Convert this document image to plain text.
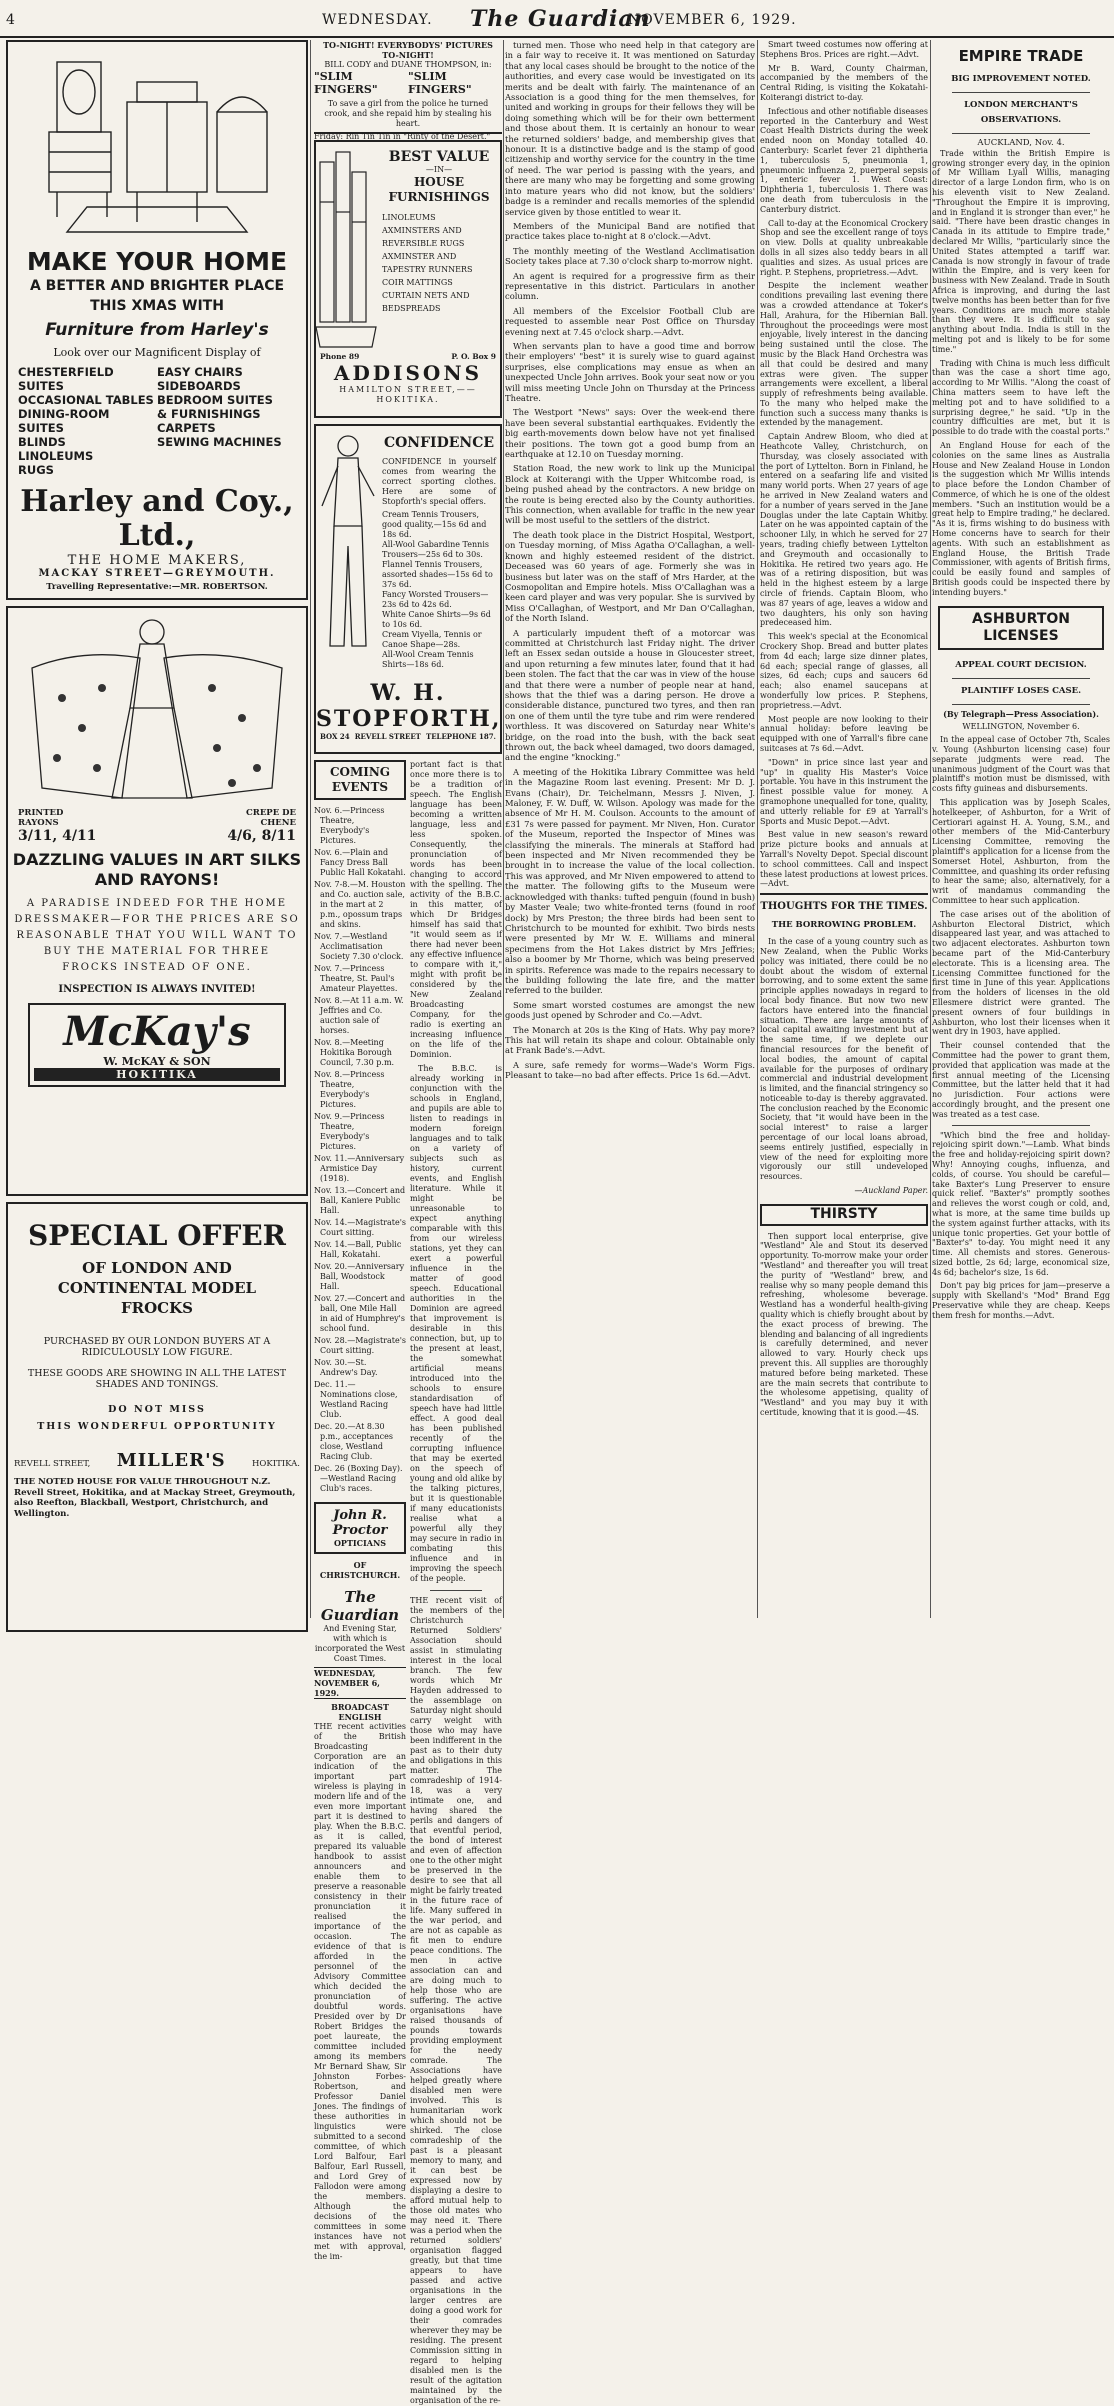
4	WEDNESDAY. The Guardian
NOVEMBER 6, 1929.
MAKE YOUR HOME
A BETTER AND BRIGHTER PLACE
THIS XMAS WITH
Furniture from Harley's
Look over our Magnificent Display of
CHESTERFIELD SUITES
OCCASIONAL TABLES
DINING-ROOM SUITES
BLINDS
LINOLEUMS
RUGS
EASY CHAIRS
SIDEBOARDS
BEDROOM SUITES
& FURNISHINGS
CARPETS
SEWING MACHINES
Harley and Coy., Ltd.,
THE HOME MAKERS,
MACKAY STREET—GREYMOUTH.
Travelling Representative:—MR. ROBERTSON.
PRINTED RAYONS
CREPE DE CHENE
3/11, 4/11	4/6, 8/11
DAZZLING VALUES IN ART SILKS AND RAYONS!
A PARADISE INDEED FOR THE HOME DRESSMAKER—FOR THE PRICES ARE SO REASONABLE THAT YOU WILL WANT TO BUY THE MATERIAL FOR THREE FROCKS INSTEAD OF ONE.
INSPECTION IS ALWAYS INVITED!
McKay's
W. McKAY & SON
HOKITIKA
SPECIAL OFFER
OF LONDON AND CONTINENTAL MODEL FROCKS
PURCHASED BY OUR LONDON BUYERS AT A RIDICULOUSLY LOW FIGURE.
THESE GOODS ARE SHOWING IN ALL THE LATEST SHADES AND TONINGS.
DO NOT MISS
THIS WONDERFUL OPPORTUNITY
REVELL STREET, MILLER'S	HOKITIKA.
THE NOTED HOUSE FOR VALUE THROUGHOUT N.Z. Revell Street, Hokitika, and at Mackay Street, Greymouth, also Reefton, Blackball, Westport, Christchurch, and Wellington.
TO-NIGHT! EVERYBODYS' PICTURES TO-NIGHT!
BILL CODY and DUANE THOMPSON, in:
"SLIM FINGERS"
"SLIM FINGERS"
To save a girl from the police he turned crook, and she repaid him by stealing his heart.
Friday: Rin Tin Tin in "Rinty of the Desert."
BEST VALUE
—IN—
HOUSE FURNISHINGS
LINOLEUMS
AXMINSTERS AND REVERSIBLE RUGS
AXMINSTER AND TAPESTRY RUNNERS
COIR MATTINGS
CURTAIN NETS AND BEDSPREADS
Phone 89	P. O. Box 9
ADDISONS
HAMILTON STREET,——HOKITIKA.
CONFIDENCE
CONFIDENCE in yourself comes from wearing the correct sporting clothes. Here are some of Stopforth's special offers.
Cream Tennis Trousers, good quality,—15s 6d and 18s 6d.
All-Wool Gabardine Tennis Trousers—25s 6d to 30s.
Flannel Tennis Trousers, assorted shades—15s 6d to 37s 6d.
Fancy Worsted Trousers—23s 6d to 42s 6d.
White Canoe Shirts—9s 6d to 10s 6d.
Cream Viyella, Tennis or Canoe Shape—28s.
All-Wool Cream Tennis Shirts—18s 6d.
W. H. STOPFORTH,
BOX 24 REVELL STREET TELEPHONE 187.
COMING EVENTS

Nov. 6.—Princess Theatre, Everybody's Pictures.

Nov. 6.—Plain and Fancy Dress Ball Public Hall Kokatahi.

Nov. 7-8.—M. Houston and Co. auction sale, in the mart at 2 p.m., opossum traps and skins.

Nov. 7.—Westland Acclimatisation Society 7.30 o'clock.

Nov. 7.—Princess Theatre, St. Paul's Amateur Playettes.

Nov. 8.—At 11 a.m. W. Jeffries and Co. auction sale of horses.

Nov. 8.—Meeting Hokitika Borough Council, 7.30 p.m.

Nov. 8.—Princess Theatre, Everybody's Pictures.

Nov. 9.—Princess Theatre, Everybody's Pictures.

Nov. 11.—Anniversary Armistice Day (1918).

Nov. 13.—Concert and Ball, Kaniere Public Hall.

Nov. 14.—Magistrate's Court sitting.

Nov. 14.—Ball, Public Hall, Kokatahi.

Nov. 20.—Anniversary Ball, Woodstock Hall.

Nov. 27.—Concert and ball, One Mile Hall in aid of Humphrey's school fund.

Nov. 28.—Magistrate's Court sitting.

Nov. 30.—St. Andrew's Day.

Dec. 11.—Nominations close, Westland Racing Club.

Dec. 20.—At 8.30 p.m., acceptances close, Westland Racing Club.

Dec. 26 (Boxing Day).—Westland Racing Club's races.

John R. Proctor
OPTICIANS
OF CHRISTCHURCH.
The Guardian
And Evening Star, with which is incorporated the West Coast Times.
WEDNESDAY, NOVEMBER 6, 1929.
BROADCAST ENGLISH
THE recent activities of the British Broadcasting Corporation are an indication of the important part wireless is playing in modern life and of the even more important part it is destined to play. When the B.B.C. as it is called, prepared its valuable handbook to assist announcers and enable them to preserve a reasonable consistency in their pronunciation it realised the importance of the occasion. The evidence of that is afforded in the personnel of the Advisory Committee which decided the pronunciation of doubtful words. Presided over by Dr Robert Bridges the poet laureate, the committee included among its members Mr Bernard Shaw, Sir Johnston Forbes-Robertson, and Professor Daniel Jones. The findings of these authorities in linguistics were submitted to a second committee, of which Lord Balfour, Earl Balfour, Earl Russell, and Lord Grey of Fallodon were among the members. Although the decisions of the committees in some instances have not met with approval, the im-
portant fact is that once more there is to be a tradition of speech. The English language has been becoming a written language, less and less spoken. Consequently, the pronunciation of words has been changing to accord with the spelling. The activity of the B.B.C. in this matter, of which Dr Bridges himself has said that "it would seem as if there had never been any effective influence to compare with it," might with profit be considered by the New Zealand Broadcasting Company, for the radio is exerting an increasing influence on the life of the Dominion.
The B.B.C. is already working in conjunction with the schools in England, and pupils are able to listen to readings in modern foreign languages and to talk on a variety of subjects such as history, current events, and English literature. While it might be unreasonable to expect anything comparable with this from our wireless stations, yet they can exert a powerful influence in the matter of good speech. Educational authorities in the Dominion are agreed that improvement is desirable in this connection, but, up to the present at least, the somewhat artificial means introduced into the schools to ensure standardisation of speech have had little effect. A good deal has been published recently of the corrupting influence that may be exerted on the speech of young and old alike by the talking pictures, but it is questionable if many educationists realise what a powerful ally they may secure in radio in combating this influence and in improving the speech of the people.
THE recent visit of the members of the Christchurch Returned Soldiers' Association should assist in stimulating interest in the local branch. The few words which Mr Hayden addressed to the assemblage on Saturday night should carry weight with those who may have been indifferent in the past as to their duty and obligations in this matter. The comradeship of 1914-18, was a very intimate one, and having shared the perils and dangers of that eventful period, the bond of interest and even of affection one to the other might be preserved in the desire to see that all might be fairly treated in the future race of life. Many suffered in the war period, and are not as capable as fit men to endure peace conditions. The men in active association can and are doing much to help those who are suffering. The active organisations have raised thousands of pounds towards providing employment for the needy comrade. The Associations have helped greatly where disabled men were involved. This is humanitarian work which should not be shirked. The close comradeship of the past is a pleasant memory to many, and it can best be expressed now by displaying a desire to afford mutual help to those old mates who may need it. There was a period when the returned soldiers' organisation flagged greatly, but that time appears to have passed and active organisations in the larger centres are doing a good work for their comrades wherever they may be residing. The present Commission sitting in regard to helping disabled men is the result of the agitation maintained by the organisation of the re-

turned men. Those who need help in that category are in a fair way to receive it. It was mentioned on Saturday that any local cases should be brought to the notice of the authorities, and every case would be investigated on its merits and be dealt with fairly. The maintenance of an Association is a good thing for the men themselves, for united and working in groups for their fellows they will be doing something which will be for their own betterment and those about them. It is certainly an honour to wear the returned soldiers' badge, and membership gives that honour. It is a distinctive badge and is the stamp of good citizenship and worthy service for the country in the time of need. The war period is passing with the years, and there are many who may be forgetting and some growing into mature years who did not know, but the soldiers' badge is a reminder and recalls memories of the splendid service given by those entitled to wear it.

Members of the Municipal Band are notified that practice takes place to-night at 8 o'clock.—Advt.

The monthly meeting of the Westland Acclimatisation Society takes place at 7.30 o'clock sharp to-morrow night.

An agent is required for a progressive firm as their representative in this district. Particulars in another column.

All members of the Excelsior Football Club are requested to assemble near Post Office on Thursday evening next at 7.45 o'clock sharp.—Advt.

When servants plan to have a good time and borrow their employers' "best" it is surely wise to guard against surprises, else complications may ensue as when an unexpected Uncle John arrives. Book your seat now or you will miss meeting Uncle John on Thursday at the Princess Theatre.

The Westport "News" says: Over the week-end there have been several substantial earthquakes. Evidently the big earth-movements down below have not yet finalised their positions. The town got a good bump from an earthquake at 12.10 on Tuesday morning.

Station Road, the new work to link up the Municipal Block at Koiterangi with the Upper Whitcombe road, is being pushed ahead by the contractors. A new bridge on the route is being erected also by the County authorities. This connection, when available for traffic in the new year will be most useful to the settlers of the district.

The death took place in the District Hospital, Westport, on Tuesday morning, of Miss Agatha O'Callaghan, a well-known and highly esteemed resident of the district. Deceased was 60 years of age. Formerly she was in business but later was on the staff of Mrs Harder, at the Cosmopolitan and Empire hotels. Miss O'Callaghan was a keen card player and was very popular. She is survived by Miss O'Callaghan, of Westport, and Mr Dan O'Callaghan, of the North Island.

A particularly impudent theft of a motorcar was committed at Christchurch last Friday night. The driver left an Essex sedan outside a house in Gloucester street, and upon returning a few minutes later, found that it had been stolen. The fact that the car was in view of the house and that there were a number of people near at hand, shows that the thief was a daring person. He drove a considerable distance, punctured two tyres, and then ran on one of them until the tyre tube and rim were rendered worthless. It was discovered on Saturday near White's bridge, on the road into the bush, with the back seat thrown out, the back wheel damaged, two doors damaged, and the engine "knocking."

A meeting of the Hokitika Library Committee was held in the Magazine Room last evening. Present: Mr D. J. Evans (Chair), Dr. Teichelmann, Messrs J. Niven, J. Maloney, F. W. Duff, W. Wilson. Apology was made for the absence of Mr H. M. Coulson. Accounts to the amount of £31 7s were passed for payment. Mr Niven, Hon. Curator of the Museum, reported the Inspector of Mines was classifying the minerals. The minerals at Stafford had been inspected and Mr Niven recommended they be brought in to increase the value of the local collection. This was approved, and Mr Niven empowered to attend to the matter. The following gifts to the Museum were acknowledged with thanks: tufted penguin (found in bush) by Master Veale; two white-fronted terns (found in roof dock) by Mrs Preston; the three birds had been sent to Christchurch to be mounted for exhibit. Two birds nests were presented by Mr W. E. Williams and mineral specimens from the Hot Lakes district by Mrs Jeffries; also a boomer by Mr Thorne, which was being preserved in spirits. Reference was made to the repairs necessary to the building following the late fire, and the matter referred to the builder.

Some smart worsted costumes are amongst the new goods just opened by Schroder and Co.—Advt.

The Monarch at 20s is the King of Hats. Why pay more? This hat will retain its shape and colour. Obtainable only at Frank Bade's.—Advt.

A sure, safe remedy for worms—Wade's Worm Figs. Pleasant to take—no bad after effects. Price 1s 6d.—Advt.

Smart tweed costumes now offering at Stephens Bros. Prices are right.—Advt.

Mr B. Ward, County Chairman, accompanied by the members of the Central Riding, is visiting the Kokatahi-Koiterangi district to-day.

Infectious and other notifiable diseases reported in the Canterbury and West Coast Health Districts during the week ended noon on Monday totalled 40. Canterbury: Scarlet fever 21 diphtheria 1, tuberculosis 5, pneumonia 1, pneumonic influenza 2, puerperal sepsis 1, enteric fever 1. West Coast: Diphtheria 1, tuberculosis 1. There was one death from tuberculosis in the Canterbury district.

Call to-day at the Economical Crockery Shop and see the excellent range of toys on view. Dolls at quality unbreakable dolls in all sizes also teddy bears in all qualities and sizes. As usual prices are right. P. Stephens, proprietress.—Advt.

Despite the inclement weather conditions prevailing last evening there was a crowded attendance at Toker's Hall, Arahura, for the Hibernian Ball. Throughout the proceedings were most enjoyable, lively interest in the dancing being sustained until the close. The music by the Black Hand Orchestra was all that could be desired and many extras were given. The supper arrangements were excellent, a liberal supply of refreshments being available. To the many who helped make the function such a success many thanks is extended by the management.

Captain Andrew Bloom, who died at Heathcote Valley, Christchurch, on Thursday, was closely associated with the port of Lyttelton. Born in Finland, he entered on a seafaring life and visited many world ports. When 27 years of age he arrived in New Zealand waters and for a number of years served in the Jane Douglas under the late Captain Whitby. Later on he was appointed captain of the schooner Lily, in which he served for 27 years, trading chiefly between Lyttelton and Greymouth and occasionally to Hokitika. He retired two years ago. He was of a retiring disposition, but was held in the highest esteem by a large circle of friends. Captain Bloom, who was 87 years of age, leaves a widow and two daughters, his only son having predeceased him.

This week's special at the Economical Crockery Shop. Bread and butter plates from 4d each; large size dinner plates, 6d each; special range of glasses, all sizes, 6d each; cups and saucers 6d each; also enamel saucepans at wonderfully low prices. P. Stephens, proprietress.—Advt.

Most people are now looking to their annual holiday: before leaving be equipped with one of Yarrall's fibre cane suitcases at 7s 6d.—Advt.

"Down" in price since last year and "up" in quality His Master's Voice portable. You have in this instrument the finest possible value for money. A gramophone unequalled for tone, quality, and utterly reliable for £9 at Yarrall's Sports and Music Depot.—Advt.

Best value in new season's reward prize picture books and annuals at Yarrall's Novelty Depot. Special discount to school committees. Call and inspect these latest productions at lowest prices.—Advt.

THOUGHTS FOR THE TIMES.
THE BORROWING PROBLEM.

In the case of a young country such as New Zealand, when the Public Works policy was initiated, there could be no doubt about the wisdom of external borrowing, and to some extent the same principle applies nowadays in regard to local body finance. But now two new factors have entered into the financial situation. There are large amounts of local capital awaiting investment but at the same time, if we deplete our financial resources for the benefit of local bodies, the amount of capital available for the purposes of ordinary commercial and industrial development is limited, and the financial stringency so noticeable to-day is thereby aggravated. The conclusion reached by the Economic Society, that "it would have been in the social interest" to raise a larger percentage of our local loans abroad, seems entirely justified, especially in view of the need for exploiting more vigorously our still undeveloped resources.

—Auckland Paper.
THIRSTY

Then support local enterprise, give "Westland" Ale and Stout its deserved opportunity. To-morrow make your order "Westland" and thereafter you will treat the purity of "Westland" brew, and realise why so many people demand this refreshing, wholesome beverage. Westland has a wonderful health-giving quality which is chiefly brought about by the exact process of brewing. The blending and balancing of all ingredients is carefully determined, and never allowed to vary. Hourly check ups prevent this. All supplies are thoroughly matured before being marketed. These are the main secrets that contribute to the wholesome appetising, quality of "Westland" and you may buy it with certitude, knowing that it is good.—4S.

EMPIRE TRADE
BIG IMPROVEMENT NOTED.
LONDON MERCHANT'S OBSERVATIONS.
AUCKLAND, Nov. 4.

Trade within the British Empire is growing stronger every day, in the opinion of Mr William Lyall Willis, managing director of a large London firm, who is on his eleventh visit to New Zealand. "Throughout the Empire it is improving, and in England it is stronger than ever," he said. "There have been drastic changes in Canada in its attitude to Empire trade," declared Mr Willis, "particularly since the United States attempted a tariff war. Canada is now strongly in favour of trade within the Empire, and is very keen for business with New Zealand. Trade in South Africa is improving, and during the last twelve months has been better than for five years. Conditions are much more stable than they were. It is difficult to say anything about India. India is still in the melting pot and is likely to be for some time."

Trading with China is much less difficult than was the case a short time ago, according to Mr Willis. "Along the coast of China matters seem to have left the melting pot and to have solidified to a surprising degree," he said. "Up in the country difficulties are met, but it is possible to do trade with the coastal ports."

An England House for each of the colonies on the same lines as Australia House and New Zealand House in London is the suggestion which Mr Willis intends to place before the London Chamber of Commerce, of which he is one of the oldest members. "Such an institution would be a great help to Empire trading," he declared. "As it is, firms wishing to do business with Home concerns have to search for their agents. With such an establishment as England House, the British Trade Commissioner, with agents of British firms, could be easily found and samples of British goods could be inspected there by intending buyers."

ASHBURTON LICENSES
APPEAL COURT DECISION.
PLAINTIFF LOSES CASE.
(By Telegraph—Press Association).
WELLINGTON, November 6.

In the appeal case of October 7th, Scales v. Young (Ashburton licensing case) four separate judgments were read. The unanimous judgment of the Court was that plaintiff's motion must be dismissed, with costs fifty guineas and disbursements.

This application was by Joseph Scales, hotelkeeper, of Ashburton, for a Writ of Certiorari against H. A. Young, S.M., and other members of the Mid-Canterbury Licensing Committee, removing the plaintiff's application for a license from the Somerset Hotel, Ashburton, from the Committee, and quashing its order refusing to hear the same; also, alternatively, for a writ of mandamus commanding the Committee to hear such application.

The case arises out of the abolition of Ashburton Electoral District, which disappeared last year, and was attached to two adjacent electorates. Ashburton town became part of the Mid-Canterbury electorate. This is a licensing area. The Licensing Committee functioned for the first time in June of this year. Applications from the holders of licenses in the old Ellesmere district were granted. The present owners of four buildings in Ashburton, who lost their licenses when it went dry in 1903, have applied.

Their counsel contended that the Committee had the power to grant them, provided that application was made at the first annual meeting of the Licensing Committee, but the latter held that it had no jurisdiction. Four actions were accordingly brought, and the present one was treated as a test case.

"Which bind the free and holiday-rejoicing spirit down."—Lamb. What binds the free and holiday-rejoicing spirit down? Why! Annoying coughs, influenza, and colds, of course. You should be careful—take Baxter's Lung Preserver to ensure quick relief. "Baxter's" promptly soothes and relieves the worst cough or cold, and, what is more, at the same time builds up the system against further attacks, with its unique tonic properties. Get your bottle of "Baxter's" to-day. You might need it any time. All chemists and stores. Generous-sized bottle, 2s 6d; large, economical size, 4s 6d; bachelor's size, 1s 6d.

Don't pay big prices for jam—preserve a supply with Skelland's "Mod" Brand Egg Preservative while they are cheap. Keeps them fresh for months.—Advt.
